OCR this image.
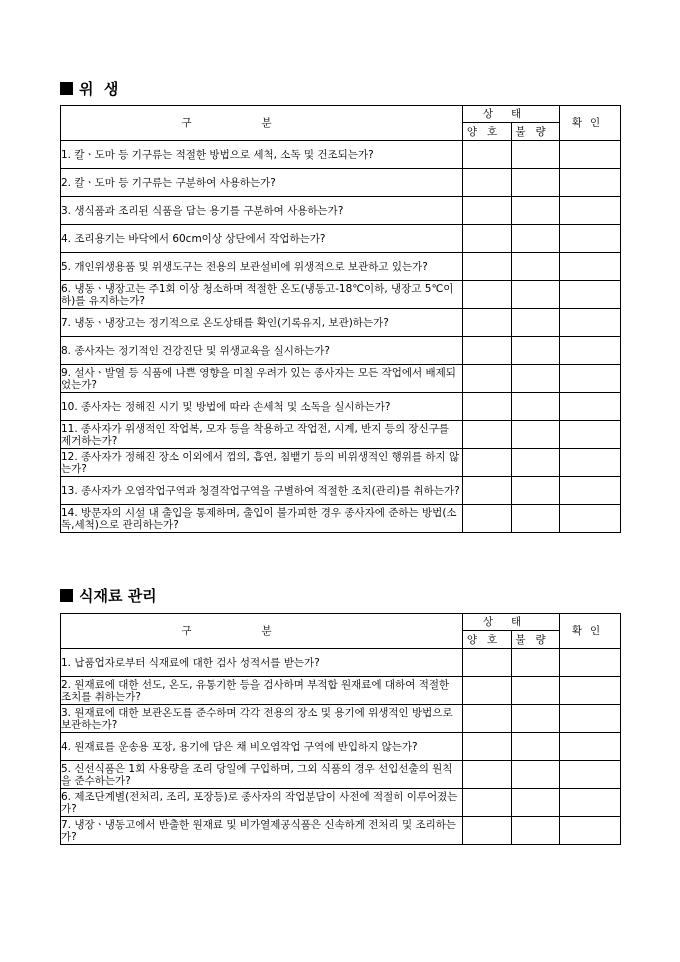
위  생
구분	상태		확인
	양호	불량	
1. 칼ㆍ도마 등 기구류는 적절한 방법으로 세척, 소독 및 건조되는가?			
2. 칼ㆍ도마 등 기구류는 구분하여 사용하는가?			
3. 생식품과 조리된 식품을 담는 용기를 구분하여 사용하는가?			
4. 조리용기는 바닥에서 60cm이상 상단에서 작업하는가?			
5. 개인위생용품 및 위생도구는 전용의 보관설비에 위생적으로 보관하고 있는가?			
6. 냉동ㆍ냉장고는 주1회 이상 청소하며 적절한 온도(냉동고-18℃이하, 냉장고 5℃이하)를 유지하는가?			
7. 냉동ㆍ냉장고는 정기적으로 온도상태를 확인(기록유지, 보관)하는가?			
8. 종사자는 정기적인 건강진단 및 위생교육을 실시하는가?			
9. 설사ㆍ발열 등 식품에 나쁜 영향을 미칠 우려가 있는 종사자는 모든 작업에서 배제되었는가?			
10. 종사자는 정해진 시기 및 방법에 따라 손세척 및 소독을 실시하는가?			
11. 종사자가 위생적인 작업복, 모자 등을 착용하고 작업전, 시계, 반지 등의 장신구를 제거하는가?			
12. 종사자가 정해진 장소 이외에서 껌의, 흡연, 침뱉기 등의 비위생적인 행위를 하지 않는가?			
13. 종사자가 오염작업구역과 청결작업구역을 구별하여 적절한 조치(관리)를 취하는가?			
14. 방문자의 시설 내 출입을 통제하며, 출입이 불가피한 경우 종사자에 준하는 방법(소독,세척)으로 관리하는가?			
식재료 관리
구분	상태		확인
	양호	불량	
1. 납품업자로부터 식재료에 대한 검사 성적서를 받는가?			
2. 원재료에 대한 선도, 온도, 유통기한 등을 검사하며 부적합 원재료에 대하여 적절한 조치를 취하는가?			
3. 원재료에 대한 보관온도를 준수하며 각각 전용의 장소 및 용기에 위생적인 방법으로 보관하는가?			
4. 원재료를 운송용 포장, 용기에 담은 채 비오염작업 구역에 반입하지 않는가?			
5. 신선식품은 1회 사용량을 조리 당일에 구입하며, 그외 식품의 경우 선입선출의 원칙을 준수하는가?			
6. 제조단계별(전처리, 조리, 포장등)로 종사자의 작업분담이 사전에 적절히 이루어졌는가?			
7. 냉장ㆍ냉동고에서 반출한 원재료 및 비가열제공식품은 신속하게 전처리 및 조리하는가?			
